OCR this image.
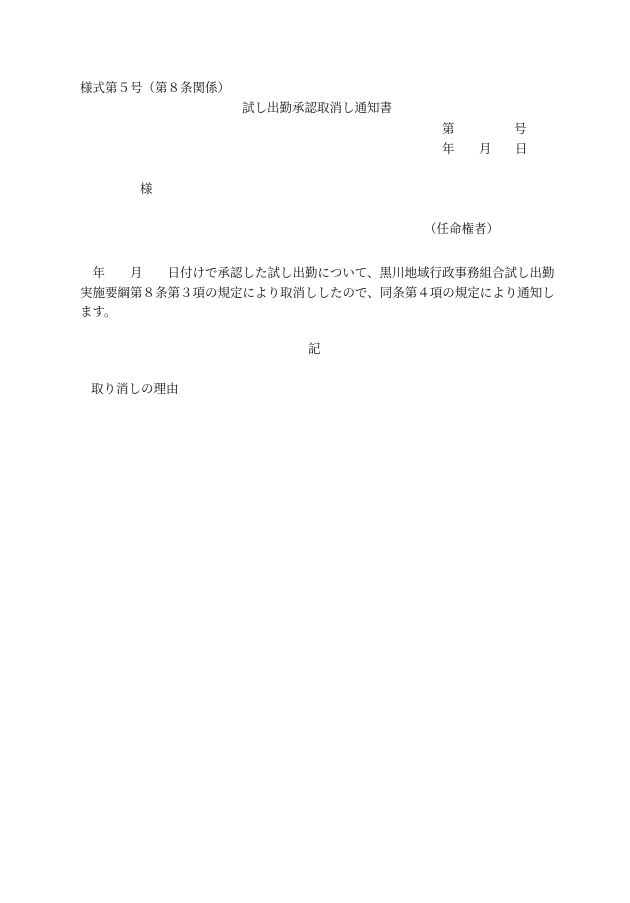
様式第５号（第８条関係）
試し出勤承認取消し通知書
第	号
年 月 日
様
（任命権者）
　年　　月　　日付けで承認した試し出勤について、黒川地域行政事務組合試し出勤
実施要綱第８条第３項の規定により取消ししたので、同条第４項の規定により通知し
ます。
記
取り消しの理由
